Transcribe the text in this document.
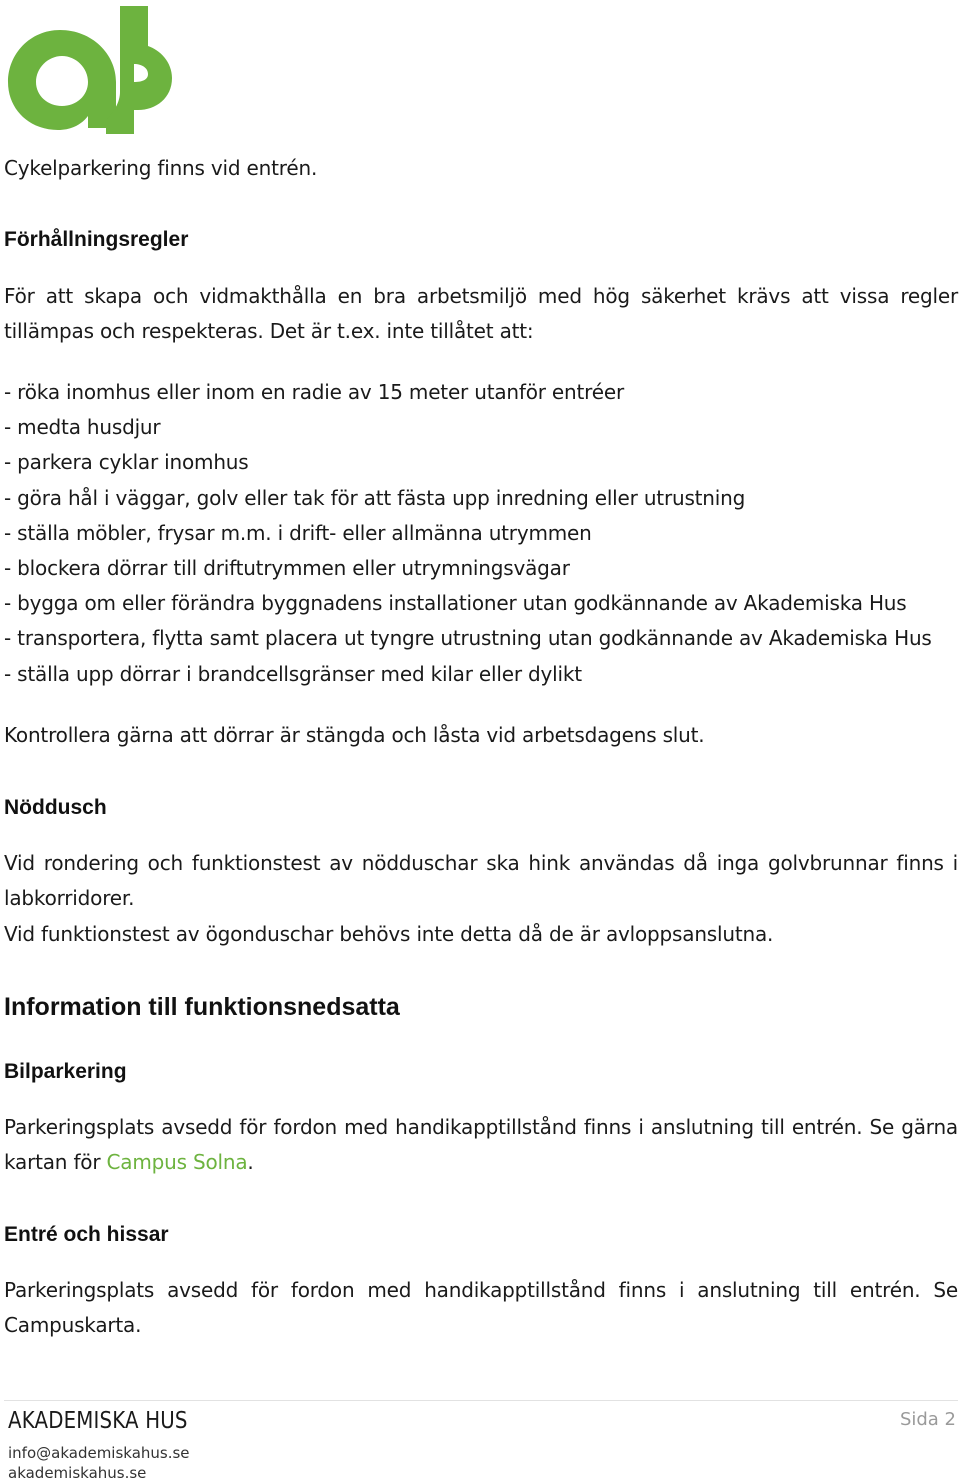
Cykelparkering finns vid entrén.
Förhållningsregler
För att skapa och vidmakthålla en bra arbetsmiljö med hög säkerhet krävs att vissa regler tillämpas och respekteras. Det är t.ex. inte tillåtet att:
- röka inomhus eller inom en radie av 15 meter utanför entréer
- medta husdjur
- parkera cyklar inomhus
- göra hål i väggar, golv eller tak för att fästa upp inredning eller utrustning
- ställa möbler, frysar m.m. i drift- eller allmänna utrymmen
- blockera dörrar till driftutrymmen eller utrymningsvägar
- bygga om eller förändra byggnadens installationer utan godkännande av Akademiska Hus
- transportera, flytta samt placera ut tyngre utrustning utan godkännande av Akademiska Hus
- ställa upp dörrar i brandcellsgränser med kilar eller dylikt
Kontrollera gärna att dörrar är stängda och låsta vid arbetsdagens slut.
Nöddusch
Vid rondering och funktionstest av nödduschar ska hink användas då inga golvbrunnar finns i labkorridorer.
Vid funktionstest av ögonduschar behövs inte detta då de är avloppsanslutna.
Information till funktionsnedsatta
Bilparkering
Parkeringsplats avsedd för fordon med handikapptillstånd finns i anslutning till entrén. Se gärna kartan för Campus Solna.
Entré och hissar
Parkeringsplats avsedd för fordon med handikapptillstånd finns i anslutning till entrén. Se Campuskarta.
AKADEMISKA HUS
info@akademiskahus.se
akademiskahus.se
Sida 2
